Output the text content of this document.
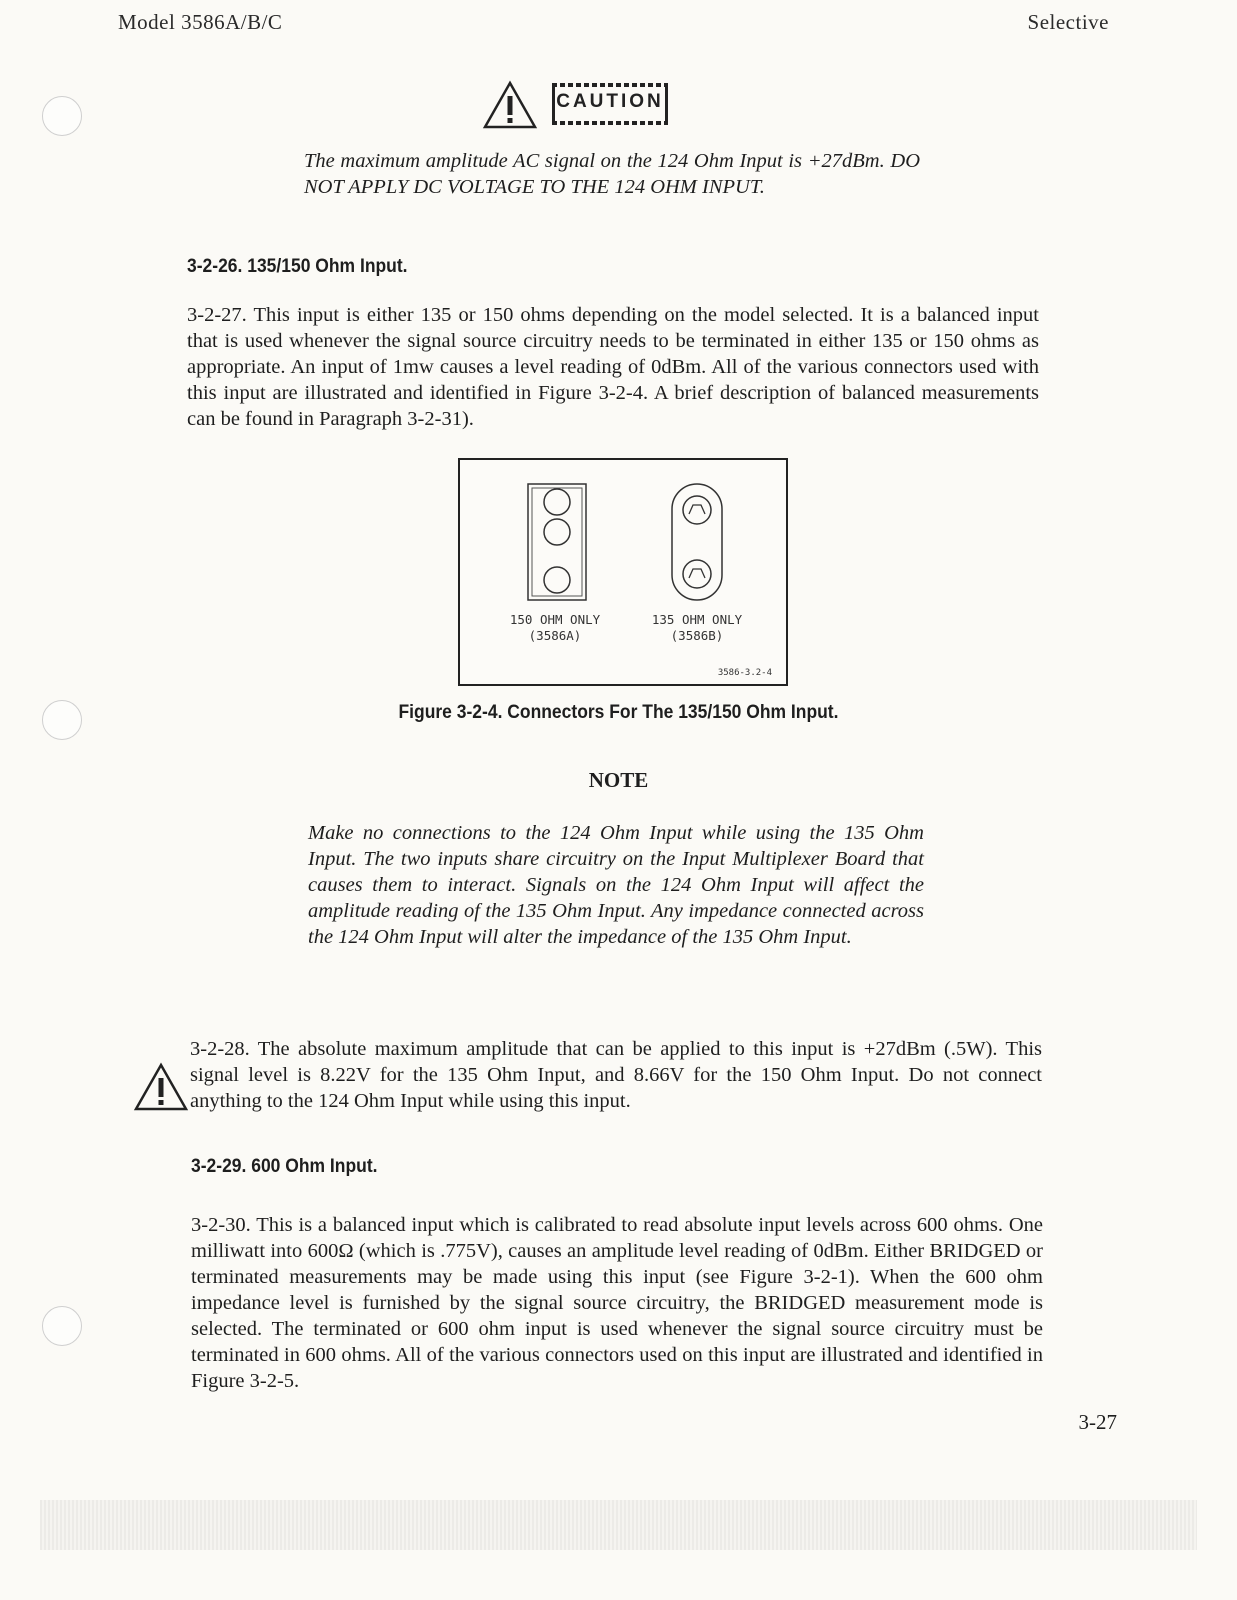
Model 3586A/B/C	Selective
CAUTION

The maximum amplitude AC signal on the 124 Ohm Input is +27dBm. DO NOT APPLY DC VOLTAGE TO THE 124 OHM INPUT.

3-2-26. 135/150 Ohm Input.

3-2-27. This input is either 135 or 150 ohms depending on the model selected. It is a balanced input that is used whenever the signal source circuitry needs to be terminated in either 135 or 150 ohms as appropriate. An input of 1mw causes a level reading of 0dBm. All of the various connectors used with this input are illustrated and identified in Figure 3-2-4. A brief description of balanced measurements can be found in Paragraph 3-2-31).

150 OHM ONLY
(3586A)
135 OHM ONLY
(3586B)
3586-3.2-4
Figure 3-2-4. Connectors For The 135/150 Ohm Input.
NOTE

Make no connections to the 124 Ohm Input while using the 135 Ohm Input. The two inputs share circuitry on the Input Multiplexer Board that causes them to interact. Signals on the 124 Ohm Input will affect the amplitude reading of the 135 Ohm Input. Any impedance connected across the 124 Ohm Input will alter the impedance of the 135 Ohm Input.

3-2-28. The absolute maximum amplitude that can be applied to this input is +27dBm (.5W). This signal level is 8.22V for the 135 Ohm Input, and 8.66V for the 150 Ohm Input. Do not connect anything to the 124 Ohm Input while using this input.

3-2-29. 600 Ohm Input.

3-2-30. This is a balanced input which is calibrated to read absolute input levels across 600 ohms. One milliwatt into 600Ω (which is .775V), causes an amplitude level reading of 0dBm. Either BRIDGED or terminated measurements may be made using this input (see Figure 3-2-1). When the 600 ohm impedance level is furnished by the signal source circuitry, the BRIDGED measurement mode is selected. The terminated or 600 ohm input is used whenever the signal source circuitry must be terminated in 600 ohms. All of the various connectors used on this input are illustrated and identified in Figure 3-2-5.

3-27
